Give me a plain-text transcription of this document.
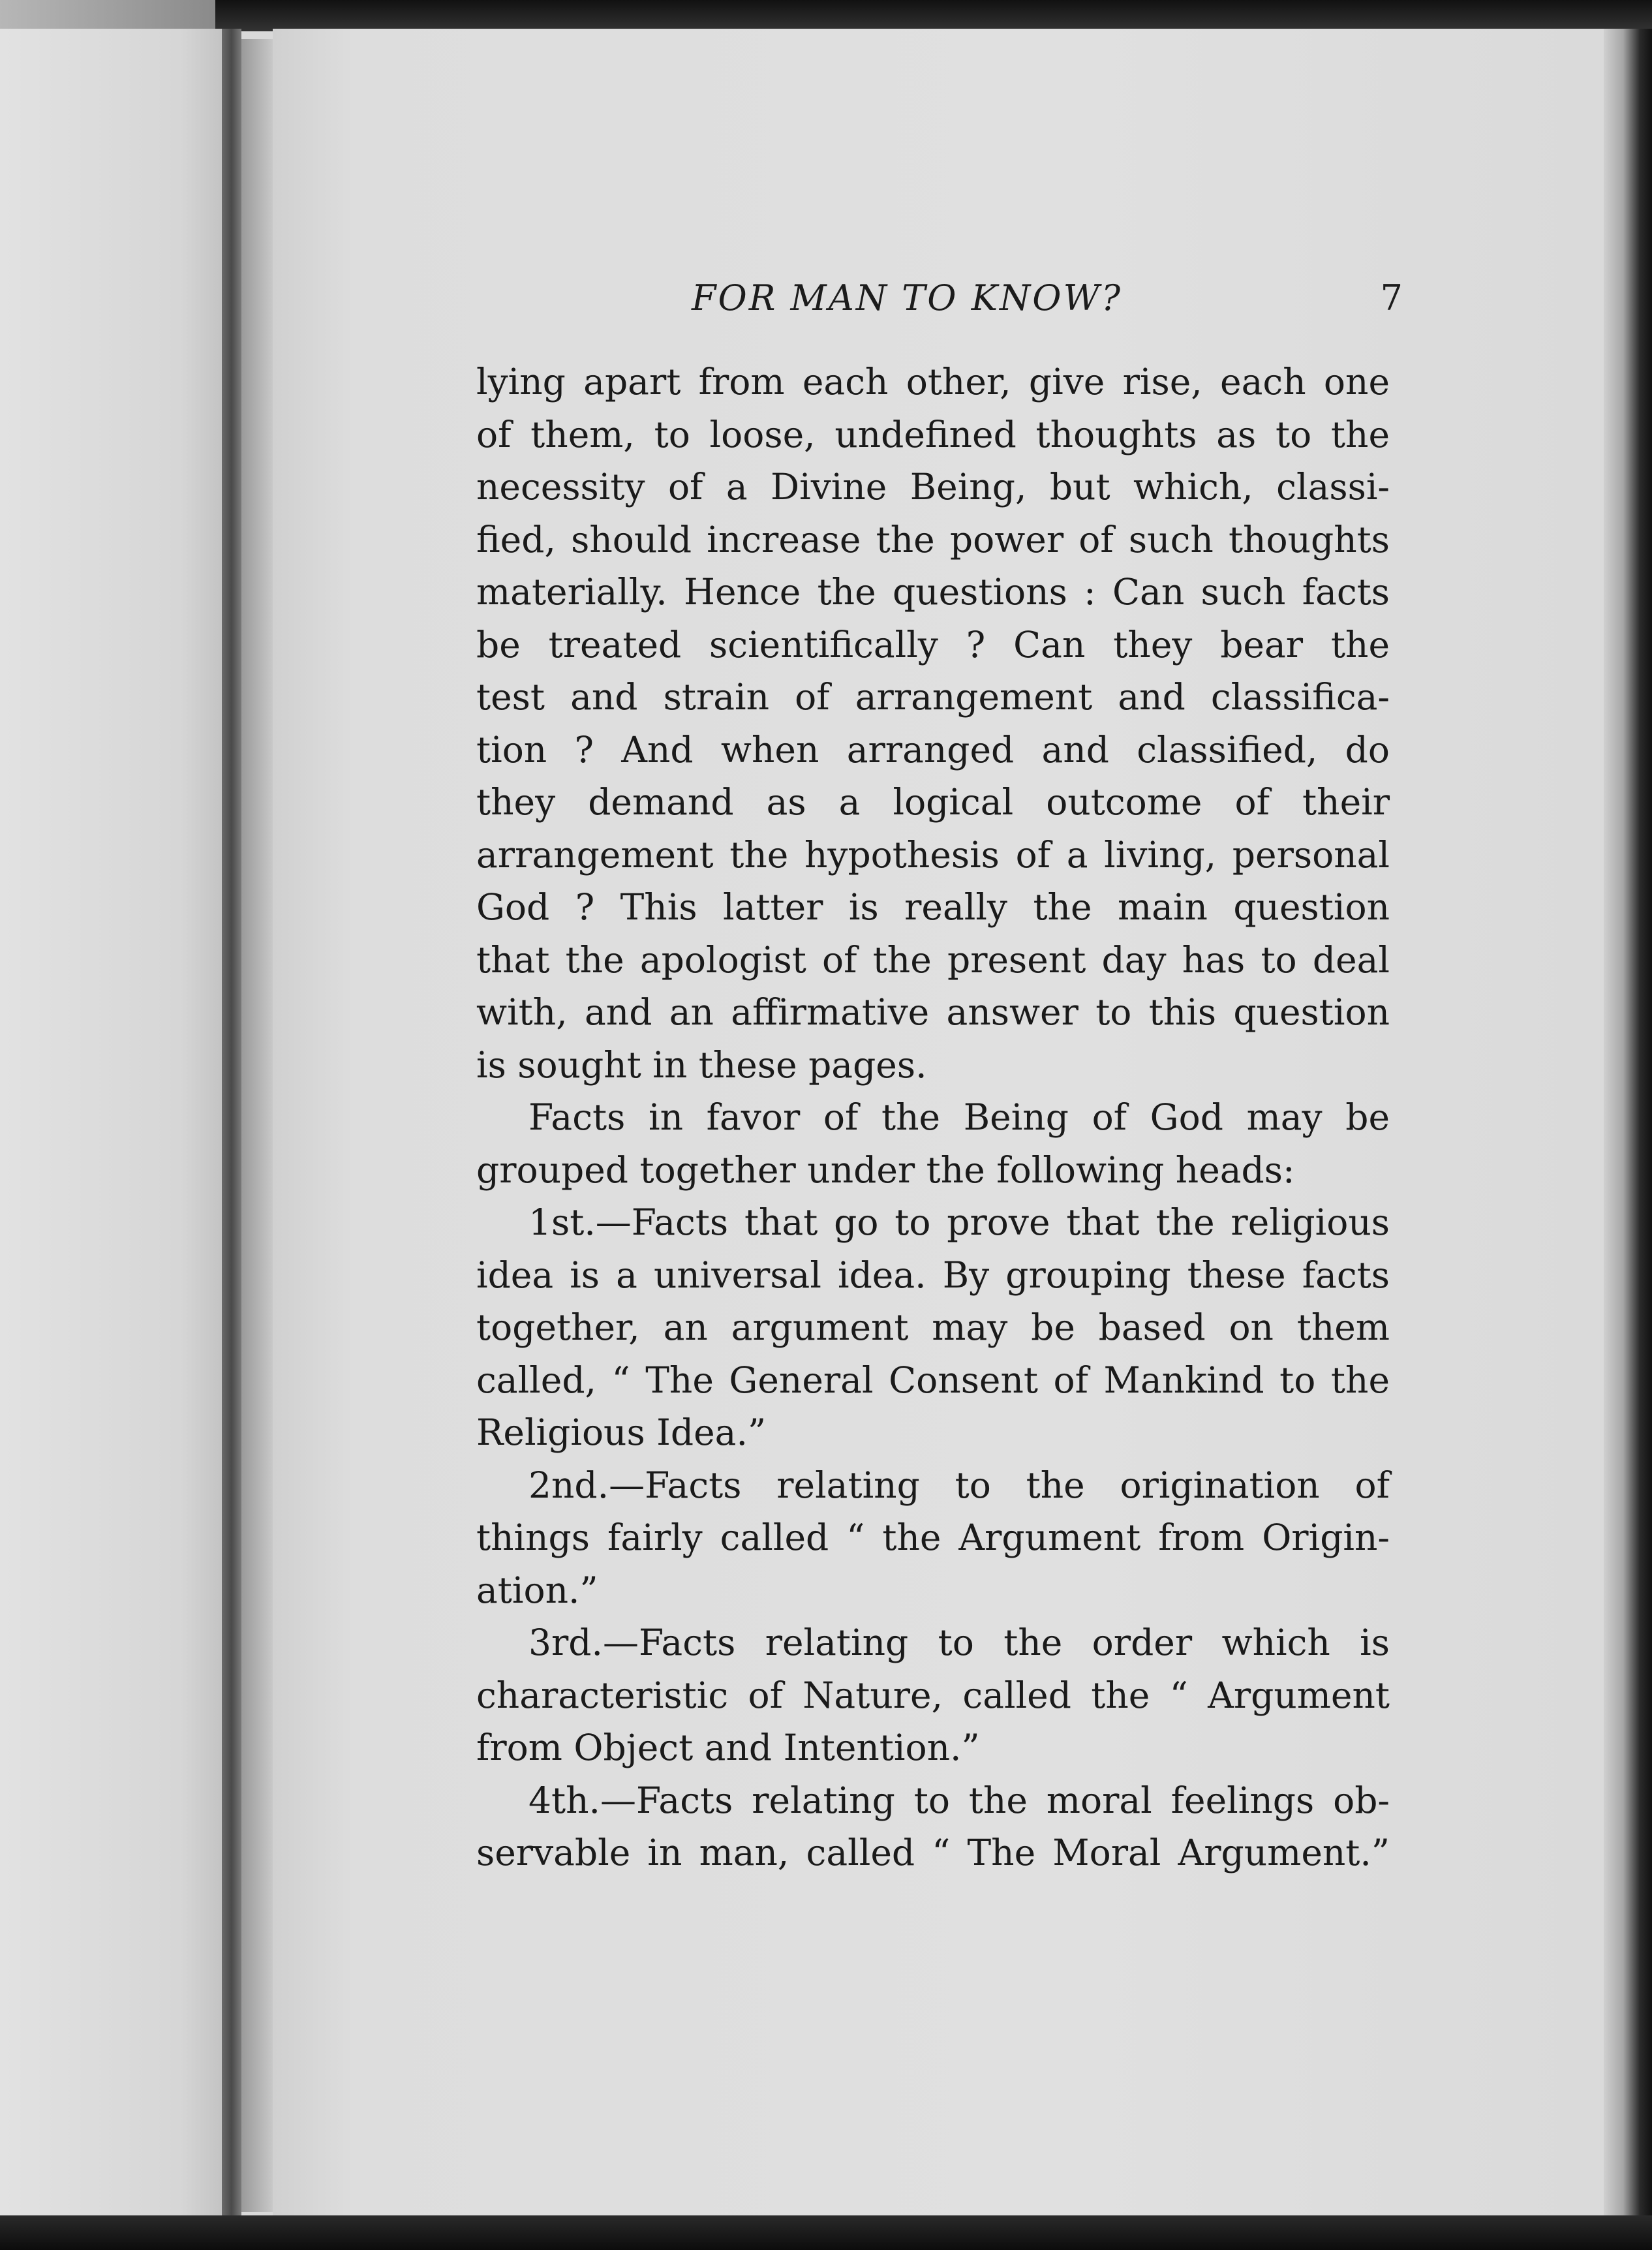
FOR MAN TO KNOW?	7
lying apart from each other, give rise, each one
of them, to loose, undefined thoughts as to the
necessity of a Divine Being, but which, classi-
fied, should increase the power of such thoughts
materially. Hence the questions : Can such facts
be treated scientifically ? Can they bear the
test and strain of arrangement and classifica-
tion ? And when arranged and classified, do
they demand as a logical outcome of their
arrangement the hypothesis of a living, personal
God ? This latter is really the main question
that the apologist of the present day has to deal
with, and an affirmative answer to this question
is sought in these pages.
Facts in favor of the Being of God may be
grouped together under the following heads:
1st.—Facts that go to prove that the religious
idea is a universal idea. By grouping these facts
together, an argument may be based on them
called, “ The General Consent of Mankind to the
Religious Idea.”
2nd.—Facts relating to the origination of
things fairly called “ the Argument from Origin-
ation.”
3rd.—Facts relating to the order which is
characteristic of Nature, called the “ Argument
from Object and Intention.”
4th.—Facts relating to the moral feelings ob-
servable in man, called “ The Moral Argument.”
